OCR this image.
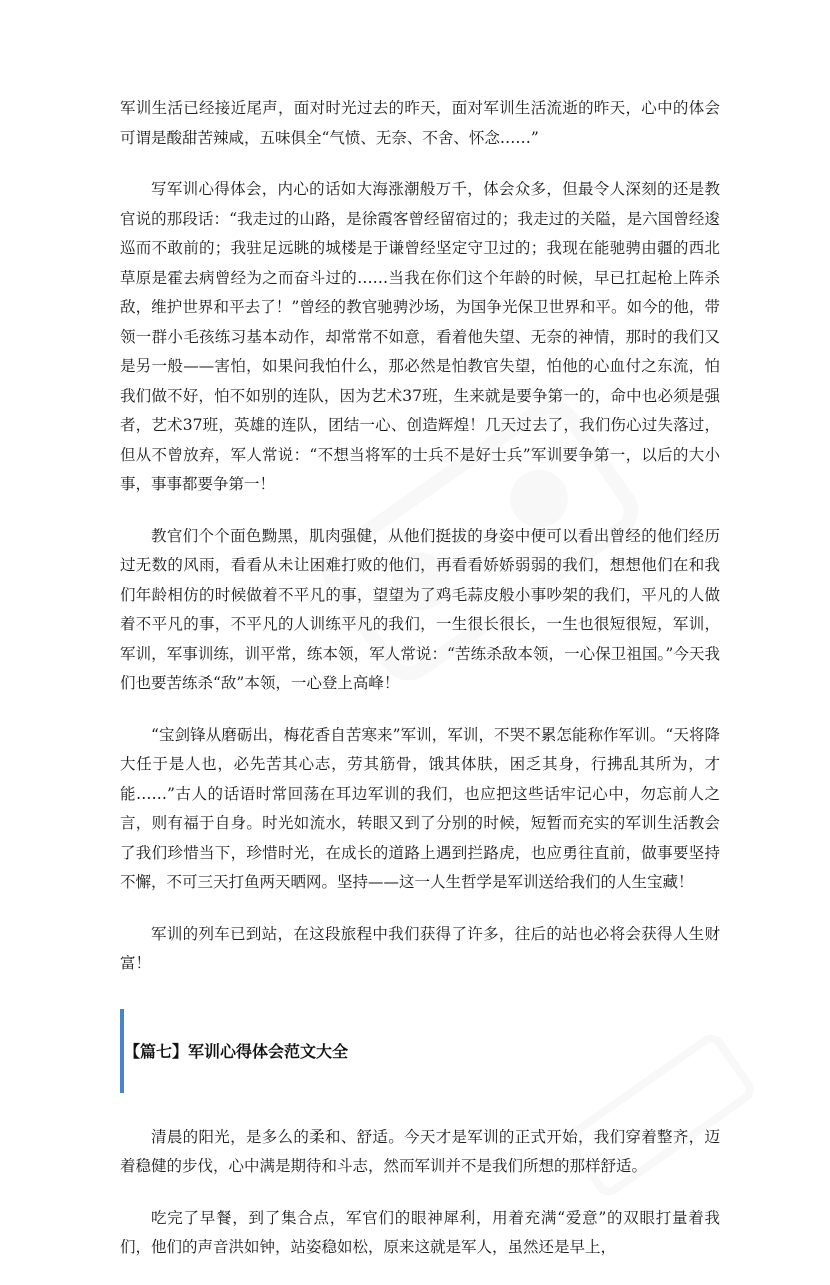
军训生活已经接近尾声，面对时光过去的昨天，面对军训生活流逝的昨天，心中的体会可谓是酸甜苦辣咸，五味俱全“气愤、无奈、不舍、怀念……”

写军训心得体会，内心的话如大海涨潮般万千，体会众多，但最令人深刻的还是教官说的那段话：“我走过的山路，是徐霞客曾经留宿过的；我走过的关隘，是六国曾经逡巡而不敢前的；我驻足远眺的城楼是于谦曾经坚定守卫过的；我现在能驰骋由疆的西北草原是霍去病曾经为之而奋斗过的……当我在你们这个年龄的时候，早已扛起枪上阵杀敌，维护世界和平去了！”曾经的教官驰骋沙场，为国争光保卫世界和平。如今的他，带领一群小毛孩练习基本动作，却常常不如意，看着他失望、无奈的神情，那时的我们又是另一般——害怕，如果问我怕什么，那必然是怕教官失望，怕他的心血付之东流，怕我们做不好，怕不如别的连队，因为艺术37班，生来就是要争第一的，命中也必须是强者，艺术37班，英雄的连队，团结一心、创造辉煌！几天过去了，我们伤心过失落过，但从不曾放弃，军人常说：“不想当将军的士兵不是好士兵”军训要争第一，以后的大小事，事事都要争第一！

教官们个个面色黝黑，肌肉强健，从他们挺拔的身姿中便可以看出曾经的他们经历过无数的风雨，看看从未让困难打败的他们，再看看娇娇弱弱的我们，想想他们在和我们年龄相仿的时候做着不平凡的事，望望为了鸡毛蒜皮般小事吵架的我们，平凡的人做着不平凡的事，不平凡的人训练平凡的我们，一生很长很长，一生也很短很短，军训，军训，军事训练，训平常，练本领，军人常说：“苦练杀敌本领，一心保卫祖国。”今天我们也要苦练杀“敌”本领，一心登上高峰！

“宝剑锋从磨砺出，梅花香自苦寒来”军训，军训，不哭不累怎能称作军训。“天将降大任于是人也，必先苦其心志，劳其筋骨，饿其体肤，困乏其身，行拂乱其所为，才能……”古人的话语时常回荡在耳边军训的我们，也应把这些话牢记心中，勿忘前人之言，则有福于自身。时光如流水，转眼又到了分别的时候，短暂而充实的军训生活教会了我们珍惜当下，珍惜时光，在成长的道路上遇到拦路虎，也应勇往直前，做事要坚持不懈，不可三天打鱼两天晒网。坚持——这一人生哲学是军训送给我们的人生宝藏！

军训的列车已到站，在这段旅程中我们获得了许多，往后的站也必将会获得人生财富！

【篇七】军训心得体会范文大全

清晨的阳光，是多么的柔和、舒适。今天才是军训的正式开始，我们穿着整齐，迈着稳健的步伐，心中满是期待和斗志，然而军训并不是我们所想的那样舒适。

吃完了早餐，到了集合点，军官们的眼神犀利，用着充满“爱意”的双眼打量着我们，他们的声音洪如钟，站姿稳如松，原来这就是军人，虽然还是早上，
